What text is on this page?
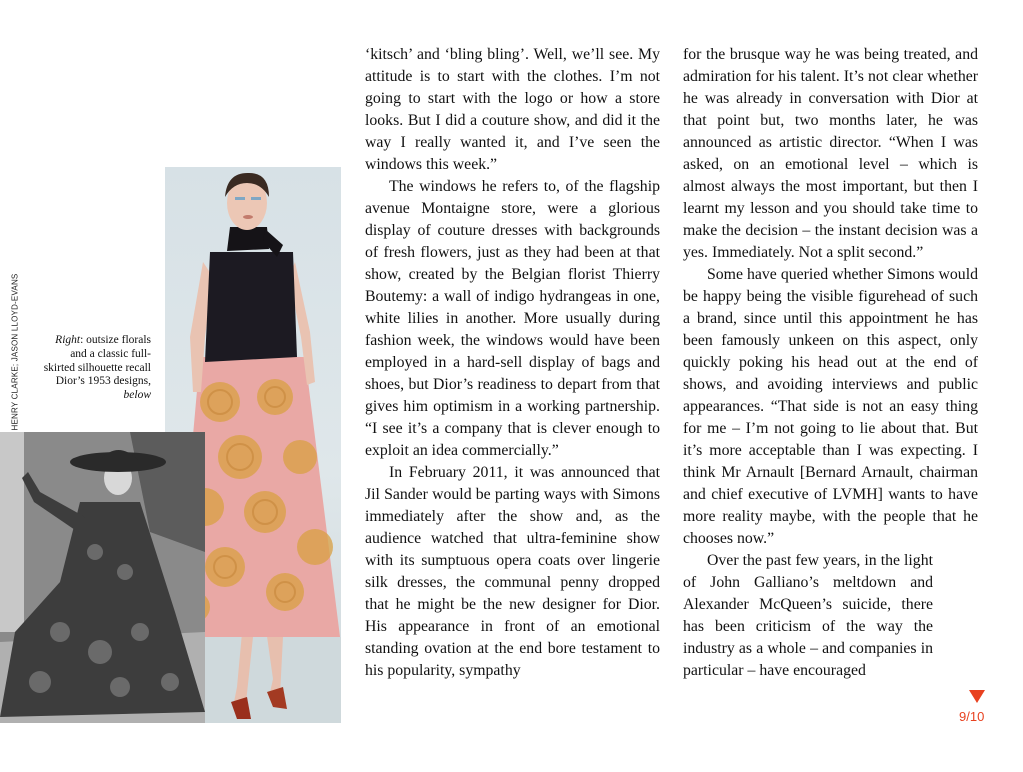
HENRY CLARKE; JASON LLOYD-EVANS	Right: outsize florals and a classic full-skirted silhouette recall Dior’s 1953 designs, below

‘kitsch’ and ‘bling bling’. Well, we’ll see. My attitude is to start with the clothes. I’m not going to start with the logo or how a store looks. But I did a couture show, and did it the way I really wanted it, and I’ve seen the windows this week.”

The windows he refers to, of the flagship avenue Montaigne store, were a glorious display of couture dresses with backgrounds of fresh flowers, just as they had been at that show, created by the Belgian florist Thierry Boutemy: a wall of indigo hydrangeas in one, white lilies in another. More usually during fashion week, the windows would have been employed in a hard-sell display of bags and shoes, but Dior’s readiness to depart from that gives him optimism in a working partnership. “I see it’s a company that is clever enough to exploit an idea commercially.”

In February 2011, it was announced that Jil Sander would be parting ways with Simons immediately after the show and, as the audience watched that ultra-feminine show with its sumptuous opera coats over lingerie silk dresses, the communal penny dropped that he might be the new designer for Dior. His appearance in front of an emotional standing ovation at the end bore testament to his popularity, sympathy

for the brusque way he was being treated, and admiration for his talent. It’s not clear whether he was already in conversation with Dior at that point but, two months later, he was announced as artistic director. “When I was asked, on an emotional level – which is almost always the most important, but then I learnt my lesson and you should take time to make the decision – the instant decision was a yes. Immediately. Not a split second.”

Some have queried whether Simons would be happy being the visible figurehead of such a brand, since until this appointment he has been famously unkeen on this aspect, only quickly poking his head out at the end of shows, and avoiding interviews and public appearances. “That side is not an easy thing for me – I’m not going to lie about that. But it’s more acceptable than I was expecting. I think Mr Arnault [Bernard Arnault, chairman and chief executive of LVMH] wants to have more reality maybe, with the people that he chooses now.”

Over the past few years, in the light of John Galliano’s meltdown and Alexander McQueen’s suicide, there has been criticism of the way the industry as a whole – and companies in particular – have encouraged

9/10
